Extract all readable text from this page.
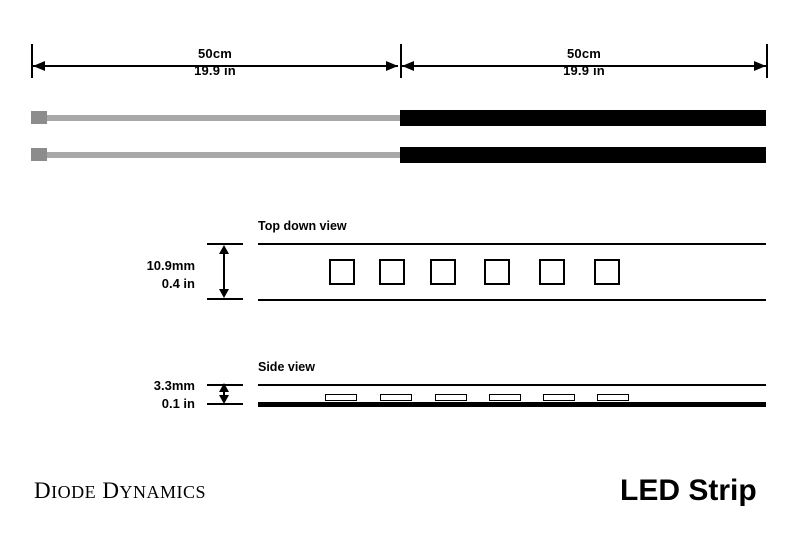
50cm
19.9 in
50cm
19.9 in
Top down view
10.9mm
0.4 in
Side view
3.3mm
0.1 in
DIODE DYNAMICS	LED Strip
